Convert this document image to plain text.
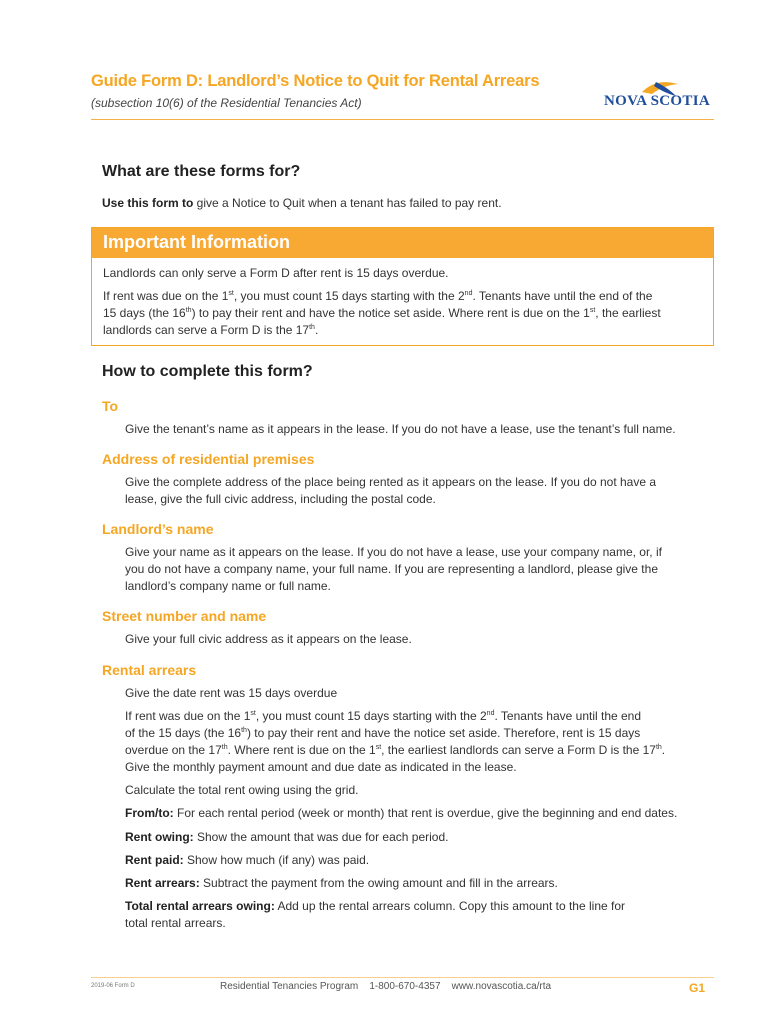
Guide Form D: Landlord’s Notice to Quit for Rental Arrears
(subsection 10(6) of the Residential Tenancies Act)	NOVA SCOTIA
What are these forms for?
Use this form to give a Notice to Quit when a tenant has failed to pay rent.
Important Information
Landlords can only serve a Form D after rent is 15 days overdue.
If rent was due on the 1st, you must count 15 days starting with the 2nd. Tenants have until the end of the
15 days (the 16th) to pay their rent and have the notice set aside. Where rent is due on the 1st, the earliest
landlords can serve a Form D is the 17th.
How to complete this form?
To
Give the tenant’s name as it appears in the lease. If you do not have a lease, use the tenant’s full name.
Address of residential premises
Give the complete address of the place being rented as it appears on the lease. If you do not have a
lease, give the full civic address, including the postal code.
Landlord’s name
Give your name as it appears on the lease. If you do not have a lease, use your company name, or, if
you do not have a company name, your full name. If you are representing a landlord, please give the
landlord’s company name or full name.
Street number and name
Give your full civic address as it appears on the lease.
Rental arrears
Give the date rent was 15 days overdue
If rent was due on the 1st, you must count 15 days starting with the 2nd. Tenants have until the end
of the 15 days (the 16th) to pay their rent and have the notice set aside. Therefore, rent is 15 days
overdue on the 17th. Where rent is due on the 1st, the earliest landlords can serve a Form D is the 17th.
Give the monthly payment amount and due date as indicated in the lease.
Calculate the total rent owing using the grid.
From/to: For each rental period (week or month) that rent is overdue, give the beginning and end dates.
Rent owing: Show the amount that was due for each period.
Rent paid: Show how much (if any) was paid.
Rent arrears: Subtract the payment from the owing amount and fill in the arrears.
Total rental arrears owing: Add up the rental arrears column. Copy this amount to the line for
total rental arrears.
2019-06 Form D	Residential Tenancies Program    1-800-670-4357    www.novascotia.ca/rta	G1
